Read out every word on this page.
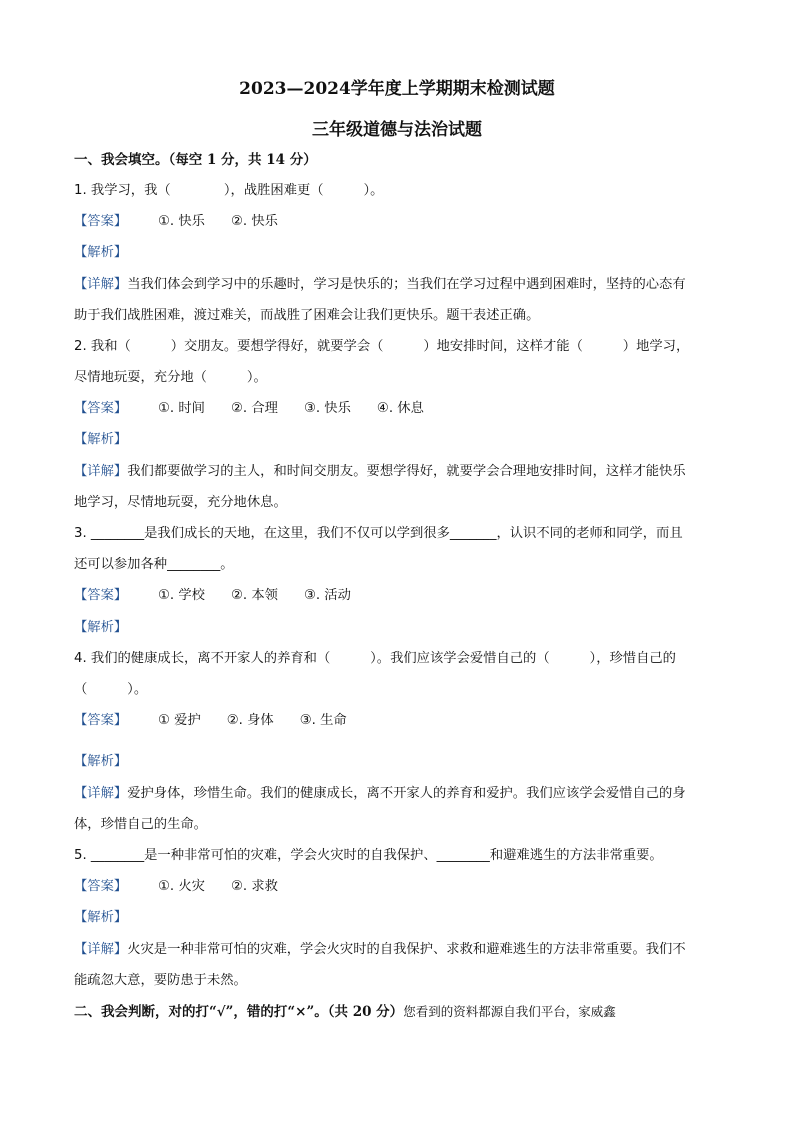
2023—2024学年度上学期期末检测试题
三年级道德与法治试题
一、我会填空。（每空 1 分，共 14 分）
1. 我学习，我（　　　　），战胜困难更（　　　）。
【答案】 ①. 快乐 ②. 快乐
【解析】
【详解】当我们体会到学习中的乐趣时，学习是快乐的；当我们在学习过程中遇到困难时，坚持的心态有
助于我们战胜困难，渡过难关，而战胜了困难会让我们更快乐。题干表述正确。
2. 我和（　　　）交朋友。要想学得好，就要学会（　　　）地安排时间，这样才能（　　　）地学习，
尽情地玩耍，充分地（　　　）。
【答案】 ①. 时间 ②. 合理 ③. 快乐 ④. 休息
【解析】
【详解】我们都要做学习的主人，和时间交朋友。要想学得好，就要学会合理地安排时间，这样才能快乐
地学习，尽情地玩耍，充分地休息。
3. ________是我们成长的天地，在这里，我们不仅可以学到很多_______，认识不同的老师和同学，而且
还可以参加各种________。
【答案】 ①. 学校 ②. 本领 ③. 活动
【解析】
4. 我们的健康成长，离不开家人的养育和（　　　）。我们应该学会爱惜自己的（　　　），珍惜自己的
（　　　）。
【答案】 ① 爱护 ②. 身体 ③. 生命
【解析】
【详解】爱护身体，珍惜生命。我们的健康成长，离不开家人的养育和爱护。我们应该学会爱惜自己的身
体，珍惜自己的生命。
5. ________是一种非常可怕的灾难，学会火灾时的自我保护、________和避难逃生的方法非常重要。
【答案】 ①. 火灾 ②. 求救
【解析】
【详解】火灾是一种非常可怕的灾难，学会火灾时的自我保护、求救和避难逃生的方法非常重要。我们不
能疏忽大意，要防患于未然。
二、我会判断，对的打“√”，错的打“×”。（共 20 分）您看到的资料都源自我们平台，家威鑫
